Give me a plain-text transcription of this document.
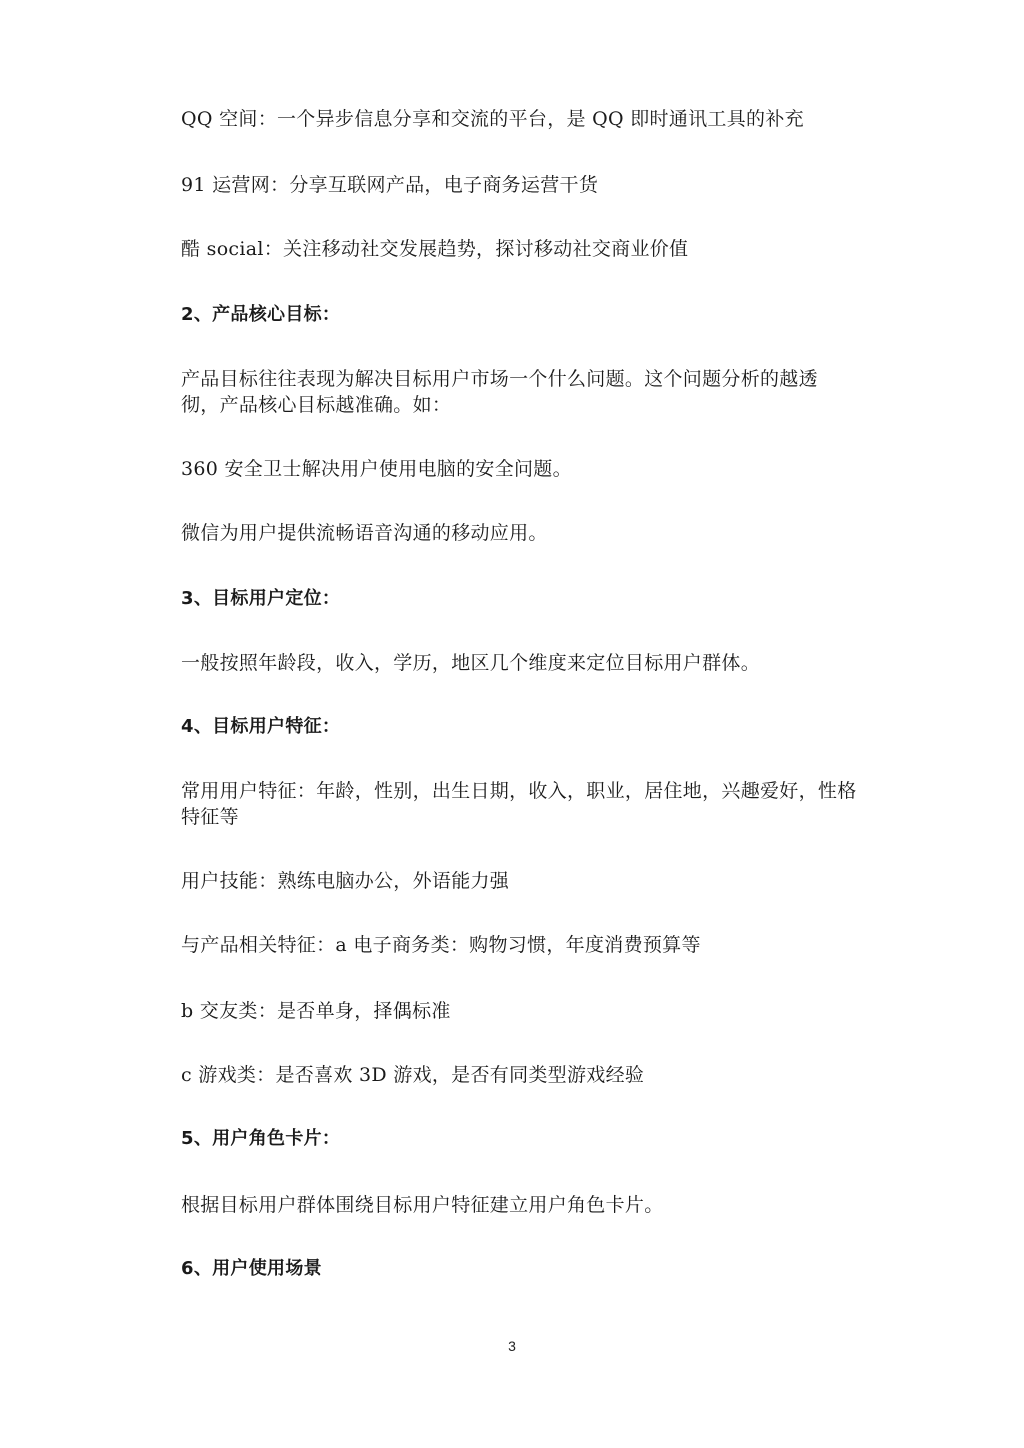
QQ 空间：一个异步信息分享和交流的平台，是 QQ 即时通讯工具的补充
91 运营网：分享互联网产品，电子商务运营干货
酷 social：关注移动社交发展趋势，探讨移动社交商业价值
2、产品核心目标：
产品目标往往表现为解决目标用户市场一个什么问题。这个问题分析的越透彻，产品核心目标越准确。如：
360 安全卫士解决用户使用电脑的安全问题。
微信为用户提供流畅语音沟通的移动应用。
3、目标用户定位：
一般按照年龄段，收入，学历，地区几个维度来定位目标用户群体。
4、目标用户特征：
常用用户特征：年龄，性别，出生日期，收入，职业，居住地，兴趣爱好，性格特征等
用户技能：熟练电脑办公，外语能力强
与产品相关特征：a 电子商务类：购物习惯，年度消费预算等
b 交友类：是否单身，择偶标准
c 游戏类：是否喜欢 3D 游戏，是否有同类型游戏经验
5、用户角色卡片：
根据目标用户群体围绕目标用户特征建立用户角色卡片。
6、用户使用场景
3
